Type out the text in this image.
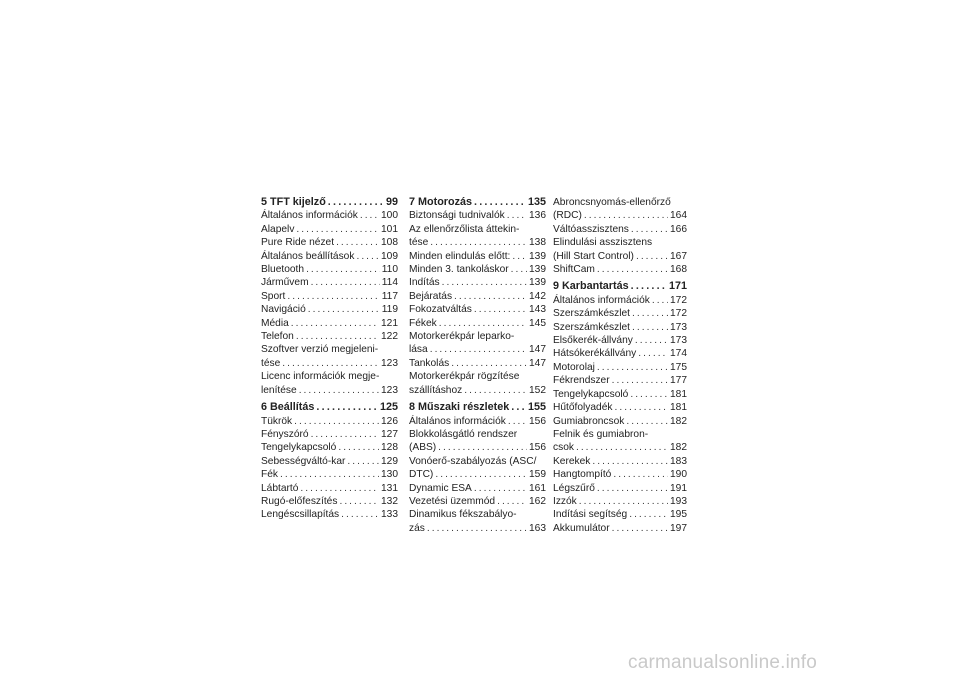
5 TFT kijelző . . .	99
Általános információk . . . 100
Alapelv . . .	101
Pure Ride nézet . . .	108
Általános beállítások . . .	109
Bluetooth . . .	110
Járművem . . .	114
Sport . . .	117
Navigáció . . .	119
Média . . .	121
Telefon . . .	122
Szoftver verzió megjeleni-
tése . . .	123
Licenc információk megje-
lenítése . . .	123
6 Beállítás . . .	125
Tükrök . . .	126
Fényszóró . . .	127
Tengelykapcsoló . . .	128
Sebességváltó-kar . . .	129
Fék . . .	130
Lábtartó . . .	131
Rugó-előfeszítés . . .	132
Lengéscsillapítás . . .	133
7 Motorozás . . .	135
Biztonsági tudnivalók . . . 136
Az ellenőrzőlista áttekin-
tése . . .	138
Minden elindulás előtt: . . . 139
Minden 3. tankoláskor . . . 139
Indítás . . .	139
Bejáratás . . .	142
Fokozatváltás . . .	143
Fékek . . .	145
Motorkerékpár leparko-
lása . . .	147
Tankolás . . .	147
Motorkerékpár rögzítése
szállításhoz . . .	152
8 Műszaki részletek . . . 155
Általános információk . . . 156
Blokkolásgátló rendszer
(ABS) . . .	156
Vonóerő-szabályozás (ASC/
DTC) . . .	159
Dynamic ESA . . .	161
Vezetési üzemmód . . .	162
Dinamikus fékszabályo-
zás . . .	163
Abroncsnyomás-ellenőrző
(RDC) . . .	164
Váltóasszisztens . . .	166
Elindulási asszisztens
(Hill Start Control) . . .	167
ShiftCam . . .	168
9 Karbantartás . . .	171
Általános információk . . . 172
Szerszámkészlet . . .	172
Szerszámkészlet . . .	173
Elsőkerék-állvány . . .	173
Hátsókerékállvány . . .	174
Motorolaj . . .	175
Fékrendszer . . .	177
Tengelykapcsoló . . .	181
Hűtőfolyadék . . .	181
Gumiabroncsok . . .	182
Felnik és gumiabron-
csok . . .	182
Kerekek . . .	183
Hangtompító . . .	190
Légszűrő . . .	191
Izzók . . .	193
Indítási segítség . . .	195
Akkumulátor . . .	197
carmanualsonline.info
